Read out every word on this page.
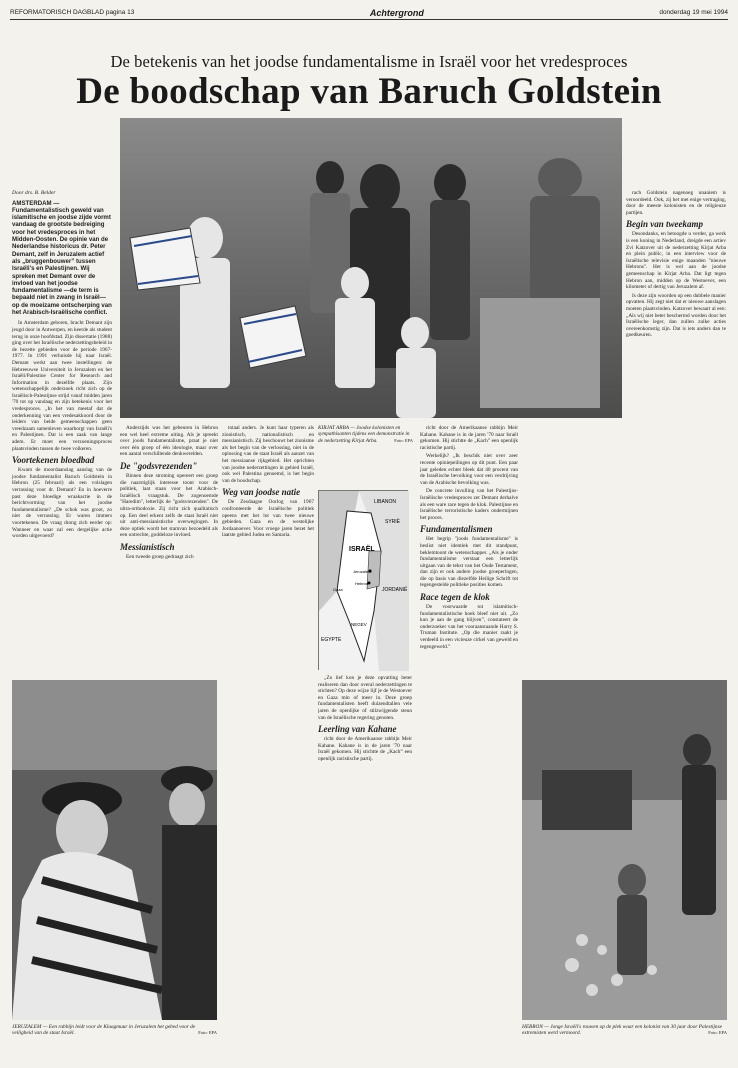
REFORMATORISCH DAGBLAD pagina 13	Achtergrond	donderdag 19 mei 1994
De betekenis van het joodse fundamentalisme in Israël voor het vredesproces
De boodschap van Baruch Goldstein

Door drs. B. Belder

AMSTERDAM — Fundamentalistisch geweld van islamitische en joodse zijde vormt vandaag de grootste bedreiging voor het vredesproces in het Midden-Oosten. De opinie van de Nederlandse historicus dr. Peter Demant, zelf in Jeruzalem actief als „bruggenbouwer” tussen Israëli's en Palestijnen. Wij spreken met Demant over de invloed van het joodse fundamentalisme —de term is bepaald niet in zwang in Israël—op de moeizame ontscherping van het Arabisch-Israëlische conflict.

In Amsterdam geboren, bracht Demant zijn jeugd door in Antwerpen, en keerde als student terug in onze hoofdstad. Zijn dissertatie (1988) ging over het Israëlische nederzettingsbeleid in de bezette gebieden voor de periode 1967-1977. In 1991 verhuisde hij naar Israël. Demant werkt aan twee instellingen: de Hebreeuwse Universiteit in Jeruzalem en het Israëli/Palestine Center for Research and Information in dezelfde plaats. Zijn wetenschappelijk onderzoek richt zich op de Israëlisch-Palestijnse strijd vanaf midden jaren '70 tot op vandaag en zijn betekenis voor het vredesproces. „In het van meetaf dat de onderkenning van een vredesakkoord door de leiders van beide gemeenschappen geen vreedzaam samenleven waarborgt van Israëli's en Palestijnen. Dat is een zaak van lange adem. Er moet een verzoeningsproces plaatsvinden tussen de twee volkeren.

Voortekenen bloedbad

Kwam de moordaanslag aanslag van de joodse fundamentalist Baruch Goldstein in Hebron (25 februari) als een volslagen verrassing voor dr. Demant? En in hoeverre past deze bloedige wraakactie in de berichtvorming van het joodse fundamentalisme? „De schok was groot, zo niet de verrassing. Er waren immers voortekenen. De vraag drong zich eerder op: Wanneer en waar zal een dergelijke actie worden uitgevoerd?

Anderzijds was het gebeuren in Hebron een wel heel extreme uiting. Als je spreekt over joods fundamentalisme, praat je niet over één groep of één ideologie, maar over een aantal verschillende denkwerelden.

De "godsvrezenden"

Binnen deze stroming opereert een groep die naarstiglijk interesse toont voor de politiek, laat staan voor het Arabisch-Israëlisch vraagstuk. De zogenoemde "Haredim", letterlijk de "godsvrezenden". De ultra-orthodoxie. Zij richt zich qualitatisch op. Een deel erkent zelfs de staat Israël niet uit anti-messianistische overwegingen. In deze optiek wordt het stamvan bezoedeld als een ontrechte, goddeloze invloed.

Messianistisch

Een tweede groep gedraagt zich

totaal anders. Je kunt haar typeren als zionistisch, nationalistisch en messianistisch. Zij beschouwt het zionisme als het begin van de verlossing, niet in de oplossing van de staat Israël als aanzet van het messiaanse rijkgebied. Het oprichten van joodse nederzettingen in gebied Israël, ook wel Palestina genoemd, is het begin van de boodschap.

Weg van joodse natie

De Zesdaagse Oorlog van 1967 confronteerde de Israëlische politiek opeens met het lot van twee nieuwe gebieden. Gaza en de westelijke Jordaanoever. Voor vroege jaren bezet het laatste gebied Judea en Samaria.

KIRJAT ARBA — Joodse kolonisten en sympathisanten tijdens een demonstratie in de nederzetting Kirjat Arba.	Foto: EPA
LIBANON
SYRIË
ISRAËL
JORDANIË
EGYPTE
NEGEV
Jeruzalem
Hebron
Gaza

„Zo lief kon je deze opvatting beter realiseren dan door overal nederzettingen te stichten? Op deze wijze lijf je de Westoever en Gaza min of meer in. Deze groep fundamentalisten heeft duizendtallen vele jaren de openlijke of stilzwijgende steun van de Israëlische regering genoten.

Leerling van Kahane

richt door de Amerikaanse rabbijn Meir Kahane. Kahane is in de jaren '70 naar Israël gekomen. Hij stichtte de „Kach” een openlijk racistische partij.

richt door de Amerikaanse rabbijn Meir Kahane. Kahane is in de jaren '70 naar Israël gekomen. Hij stichtte de „Kach” een openlijk racistische partij.

Werkelijk? „Ik beschik niet over zeer recente opiniepeilingen op dit punt. Een paar jaar geleden echter bleek dat 40 procent van de Israëlische bevolking voor een verdrijving van de Arabische bevolking was.

De concrete invulling van het Palestijns-Israëlische vredesproces zet Demant derhalve als een ware race tegen de klok. Palestijnse en Israëlische terroristische kaders ondermijnen het proces.

Fundamentalismen

Het begrip "joods fundamentalisme" is beslist niet identiek met dit standpunt, beklemtoont de wetenschapper. „Als je onder fundamentalisme verstaat een letterlijk uitgaan van de tekst van het Oude Testament, dan zijn er ook andere joodse groeperingen, die op basis van diezelfde Heilige Schrift tot tegengestelde politieke posities komen.

Race tegen de klok

De voorwaarde tot islamitisch-fundamentalistische hoek bleef niet uit. „Zo kun je aan de gang blijven”, constateert de onderzoeker van het vooraanstaande Harry S. Truman Institute. „Op die manier raakt je verdeeld in een vicieuze cirkel van geweld en tegengeweld.”

rach Goldstein nagenoeg unaniem is veroordeeld. Ook, zij het met enige vertraging, door de meeste kolonisten en de religieuze partijen.

Begin van tweekamp

Desondanks, en betoogde u verder, ga werk is een koning in Nederland, dreigde een actiev Zvi Katzover uit de nederzetting Kirjat Arba en plein public, in een interview voor de Israëlische televisie enige maanden "nieuwe Hebrons". Het is wel aan de joodse gemeenschap in Kirjat Arba. Dat ligt tegen Hebron aan, midden op de Westoever, een kilometer of dertig van Jeruzalem af.

Is deze zijn woorden op een dubbele manier opvatten. Hij zegt niet dat er nieuwe aanslagen moeten plaatsvinden. Katzover bewaart al een: „Als wij niet beter beschermd worden door het Israëlische leger, dan zullen zulke acties overeenkomstig zijn. Dat is iets anders dan te goedkeuren.

JERUZALEM — Een rabbijn leidt voor de Klaagmuur in Jeruzalem het gebed voor de veiligheid van de staat Israël.	Foto: EPA
HEBRON — Jonge Israëli's rouwen op de plek waar een kolonist van 30 jaar door Palestijnse extremisten werd vermoord.	Foto: EPA
